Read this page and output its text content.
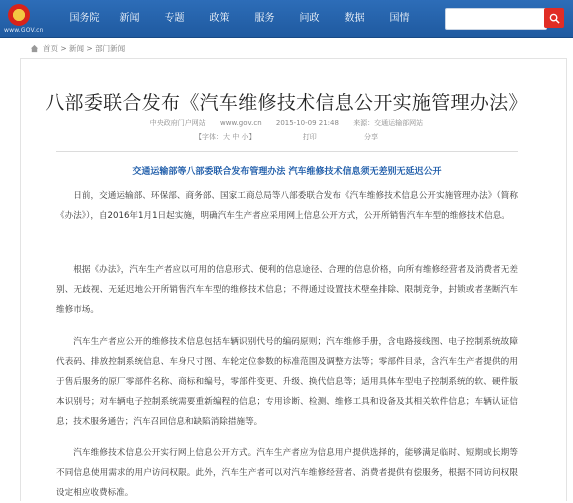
www.GOV.cn
国务院	新闻	专题	政策	服务	问政	数据	国情
首页 > 新闻 > 部门新闻
八部委联合发布《汽车维修技术信息公开实施管理办法》
中央政府门户网站 www.gov.cn 2015-10-09 21:48 来源：交通运输部网站
【字体：大 中 小】	打印	分享
交通运输部等八部委联合发布管理办法 汽车维修技术信息须无差别无延迟公开

日前，交通运输部、环保部、商务部、国家工商总局等八部委联合发布《汽车维修技术信息公开实施管理办法》（简称《办法》），自2016年1月1日起实施，明确汽车生产者应采用网上信息公开方式，公开所销售汽车车型的维修技术信息。

根据《办法》，汽车生产者应以可用的信息形式、便利的信息途径、合理的信息价格，向所有维修经营者及消费者无差别、无歧视、无延迟地公开所销售汽车车型的维修技术信息；不得通过设置技术壁垒排除、限制竞争，封锁或者垄断汽车维修市场。

汽车生产者应公开的维修技术信息包括车辆识别代号的编码原则；汽车维修手册，含电路接线图、电子控制系统故障代表码、排放控制系统信息、车身尺寸图、车轮定位参数的标准范围及调整方法等；零部件目录，含汽车生产者提供的用于售后服务的原厂零部件名称、商标和编号，零部件变更、升级、换代信息等；适用具体车型电子控制系统的软、硬件版本识别号；对车辆电子控制系统需要重新编程的信息；专用诊断、检测、维修工具和设备及其相关软件信息；车辆认证信息；技术服务通告；汽车召回信息和缺陷消除措施等。

汽车维修技术信息公开实行网上信息公开方式。汽车生产者应为信息用户提供选择的，能够满足临时、短期或长期等不同信息使用需求的用户访问权限。此外，汽车生产者可以对汽车维修经营者、消费者提供有偿服务，根据不同访问权限设定相应收费标准。
